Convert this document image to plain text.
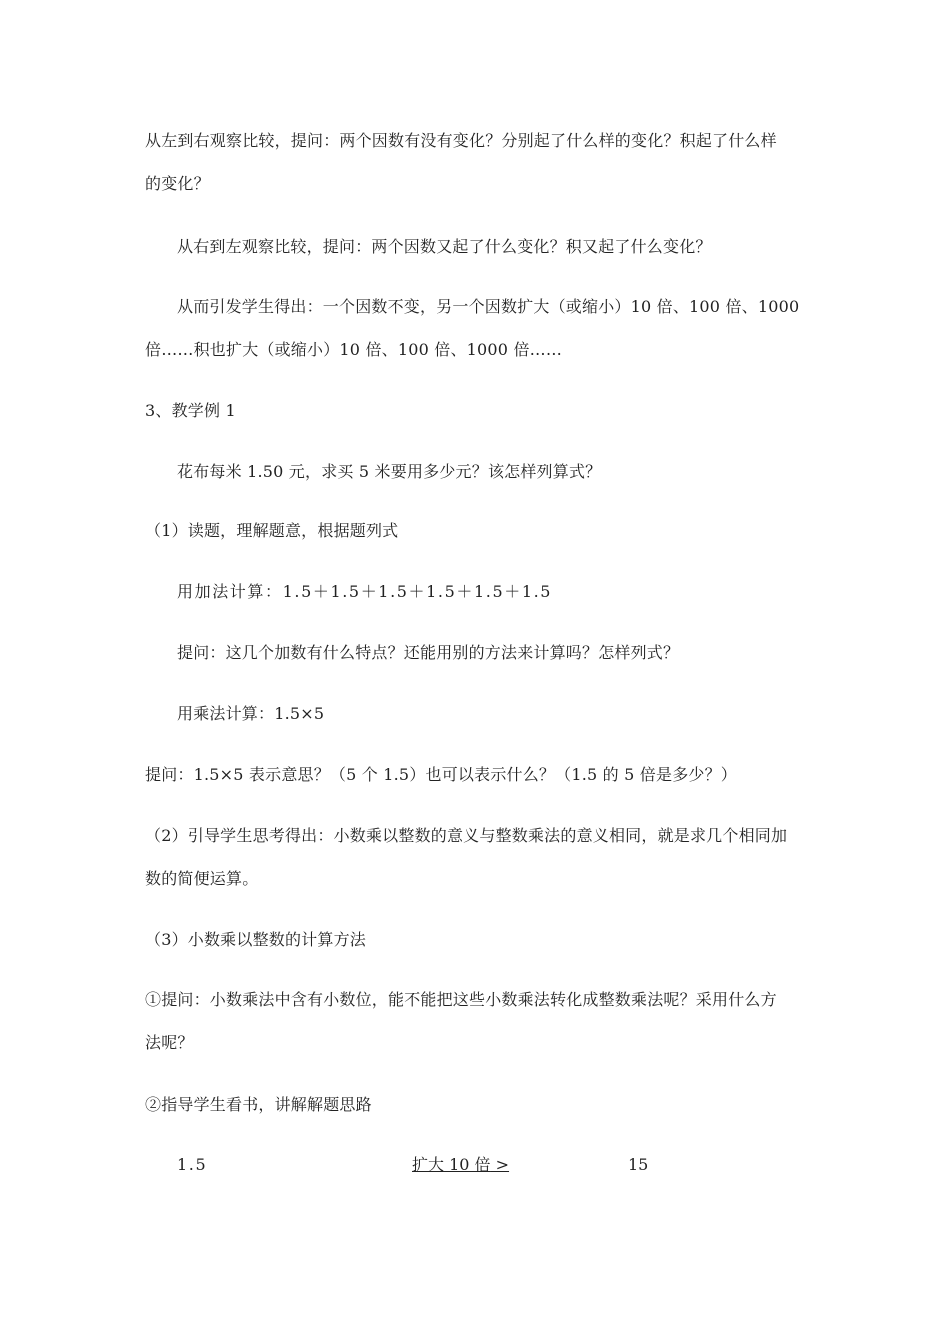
从左到右观察比较，提问：两个因数有没有变化？分别起了什么样的变化？积起了什么样
的变化？
从右到左观察比较，提问：两个因数又起了什么变化？积又起了什么变化？
从而引发学生得出：一个因数不变，另一个因数扩大（或缩小）10 倍、100 倍、1000
倍……积也扩大（或缩小）10 倍、100 倍、1000 倍……
3、教学例 1
花布每米 1.50 元，求买 5 米要用多少元？该怎样列算式？
（1）读题，理解题意，根据题列式
用加法计算：1.5＋1.5＋1.5＋1.5＋1.5＋1.5
提问：这几个加数有什么特点？还能用别的方法来计算吗？怎样列式？
用乘法计算：1.5×5
提问：1.5×5 表示意思？（5 个 1.5）也可以表示什么？（1.5 的 5 倍是多少？）
（2）引导学生思考得出：小数乘以整数的意义与整数乘法的意义相同，就是求几个相同加
数的简便运算。
（3）小数乘以整数的计算方法
①提问：小数乘法中含有小数位，能不能把这些小数乘法转化成整数乘法呢？采用什么方
法呢？
②指导学生看书，讲解解题思路
1.5	扩大 10 倍 >	15
